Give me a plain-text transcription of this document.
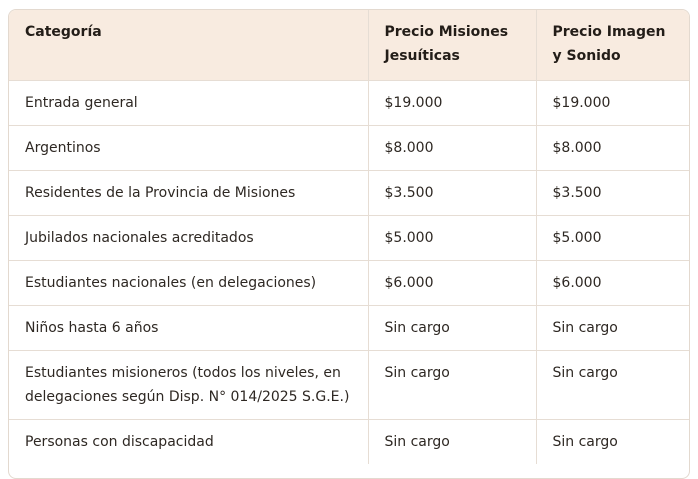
Categoría	Precio Misiones Jesuíticas	Precio Imagen y Sonido
Entrada general	$19.000	$19.000
Argentinos	$8.000	$8.000
Residentes de la Provincia de Misiones	$3.500	$3.500
Jubilados nacionales acreditados	$5.000	$5.000
Estudiantes nacionales (en delegaciones)	$6.000	$6.000
Niños hasta 6 años	Sin cargo	Sin cargo
Estudiantes misioneros (todos los niveles, en delegaciones según Disp. N° 014/2025 S.G.E.)	Sin cargo	Sin cargo
Personas con discapacidad	Sin cargo	Sin cargo
